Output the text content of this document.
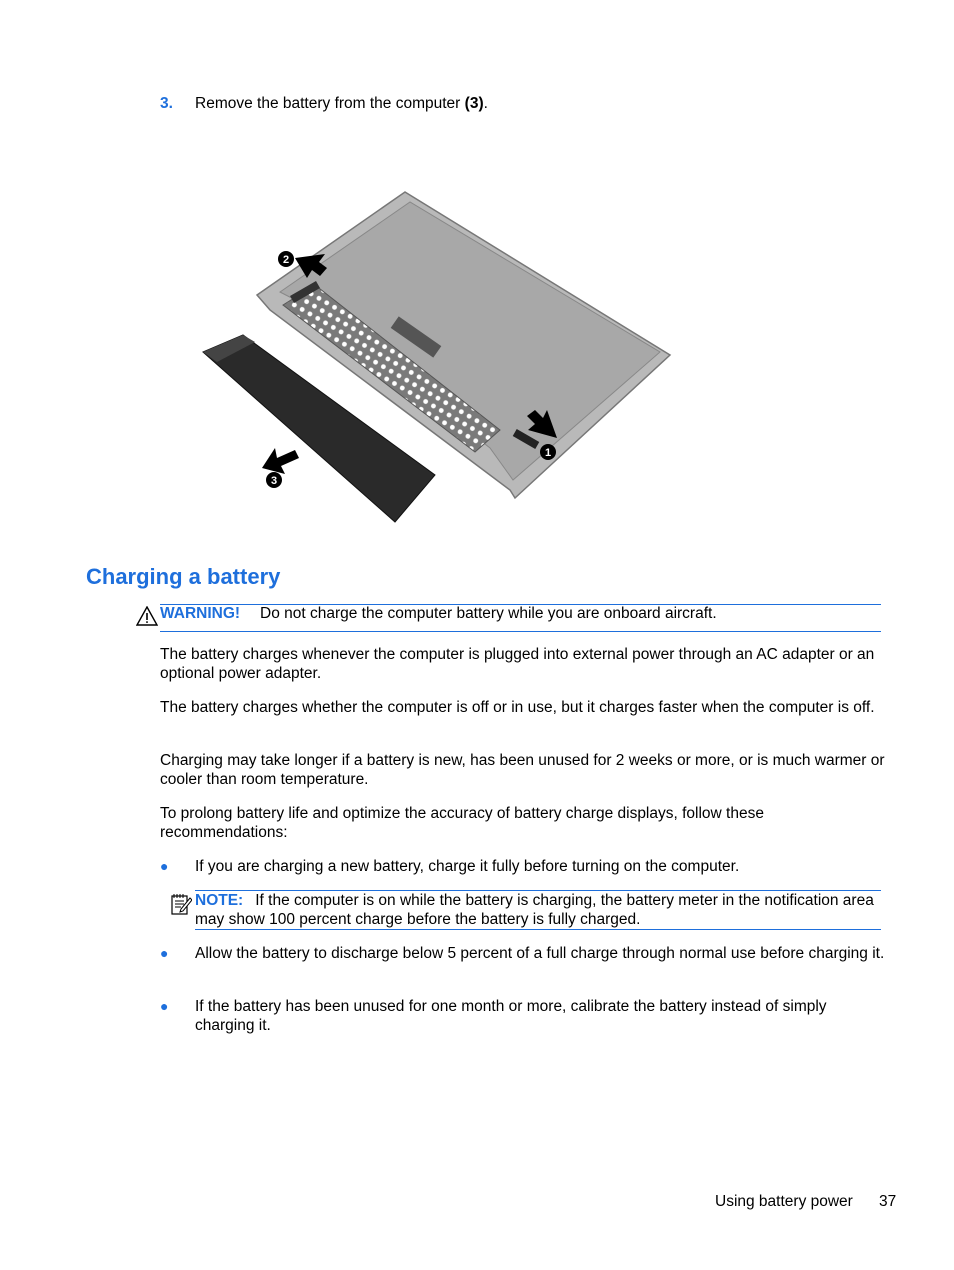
3. Remove the battery from the computer (3).
2
1
3
Charging a battery
WARNING! Do not charge the computer battery while you are onboard aircraft.
The battery charges whenever the computer is plugged into external power through an AC adapter or an optional power adapter.
The battery charges whether the computer is off or in use, but it charges faster when the computer is off.
Charging may take longer if a battery is new, has been unused for 2 weeks or more, or is much warmer or cooler than room temperature.
To prolong battery life and optimize the accuracy of battery charge displays, follow these recommendations:
● If you are charging a new battery, charge it fully before turning on the computer.
NOTE: If the computer is on while the battery is charging, the battery meter in the notification area may show 100 percent charge before the battery is fully charged.
● Allow the battery to discharge below 5 percent of a full charge through normal use before charging it.
● If the battery has been unused for one month or more, calibrate the battery instead of simply charging it.
Using battery power 37
